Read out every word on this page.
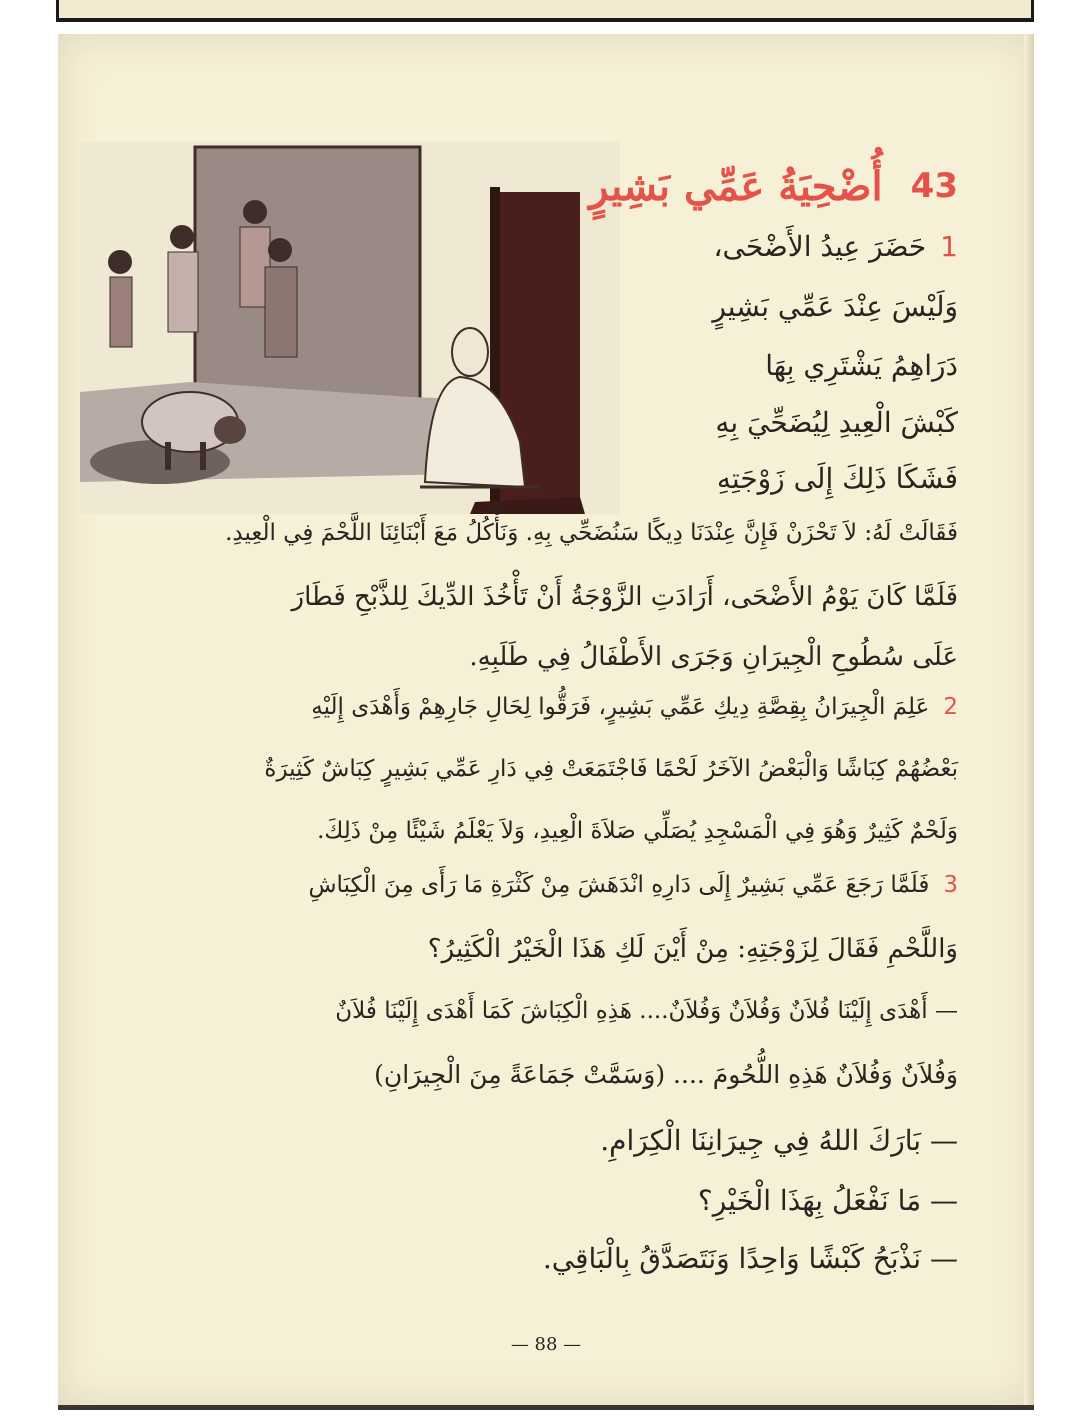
43
أُضْحِيَةُ عَمِّي بَشِيرٍ
1حَضَرَ عِيدُ الأَضْحَى،
وَلَيْسَ عِنْدَ عَمِّي بَشِيرٍ
دَرَاهِمُ يَشْتَرِي بِهَا
كَبْشَ الْعِيدِ لِيُضَحِّيَ بِهِ
فَشَكَا ذَلِكَ إِلَى زَوْجَتِهِ
فَقَالَتْ لَهُ: لاَ تَحْزَنْ فَإِنَّ عِنْدَنَا دِيكًا سَنُضَحِّي بِهِ. وَنَأْكُلُ مَعَ أَبْنَائِنَا اللَّحْمَ فِي الْعِيدِ.
فَلَمَّا كَانَ يَوْمُ الأَضْحَى، أَرَادَتِ الزَّوْجَةُ أَنْ تَأْخُذَ الدِّيكَ لِلذَّبْحِ فَطَارَ
عَلَى سُطُوحِ الْجِيرَانِ وَجَرَى الأَطْفَالُ فِي طَلَبِهِ.
2عَلِمَ الْجِيرَانُ بِقِصَّةِ دِيكِ عَمِّي بَشِيرٍ، فَرَقُّوا لِحَالِ جَارِهِمْ وَأَهْدَى إِلَيْهِ
بَعْضُهُمْ كِبَاشًا وَالْبَعْضُ الآخَرُ لَحْمًا فَاجْتَمَعَتْ فِي دَارِ عَمِّي بَشِيرٍ كِبَاشٌ كَثِيرَةٌ
وَلَحْمٌ كَثِيرٌ وَهُوَ فِي الْمَسْجِدِ يُصَلِّي صَلاَةَ الْعِيدِ، وَلاَ يَعْلَمُ شَيْئًا مِنْ ذَلِكَ.
3فَلَمَّا رَجَعَ عَمِّي بَشِيرٌ إِلَى دَارِهِ انْدَهَشَ مِنْ كَثْرَةِ مَا رَأَى مِنَ الْكِبَاشِ
وَاللَّحْمِ فَقَالَ لِزَوْجَتِهِ: مِنْ أَيْنَ لَكِ هَذَا الْخَيْرُ الْكَثِيرُ؟
— أَهْدَى إِلَيْنَا فُلاَنٌ وَفُلاَنٌ وَفُلاَنٌ.... هَذِهِ الْكِبَاشَ كَمَا أَهْدَى إِلَيْنَا فُلاَنٌ
وَفُلاَنٌ وَفُلاَنٌ هَذِهِ اللُّحُومَ .... (وَسَمَّتْ جَمَاعَةً مِنَ الْجِيرَانِ)
— بَارَكَ اللهُ فِي جِيرَانِنَا الْكِرَامِ.
— مَا نَفْعَلُ بِهَذَا الْخَيْرِ؟
— نَذْبَحُ كَبْشًا وَاحِدًا وَنَتَصَدَّقُ بِالْبَاقِي.
— 88 —
